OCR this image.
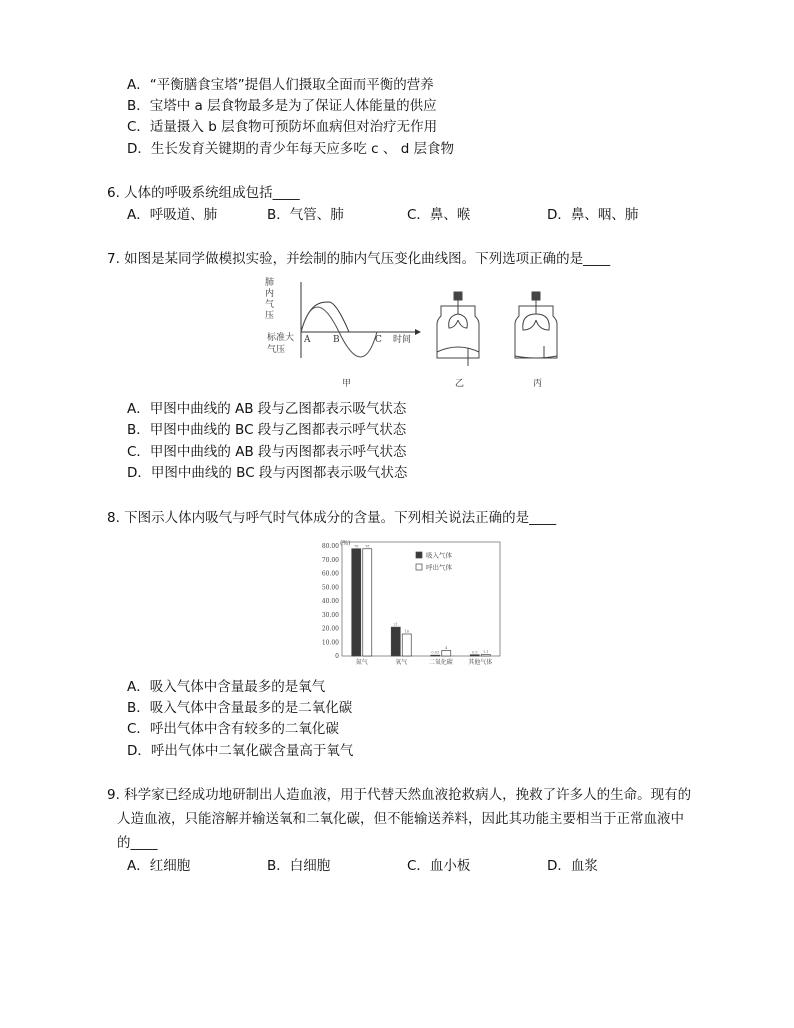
A．“平衡膳食宝塔”提倡人们摄取全面而平衡的营养
B．宝塔中 a 层食物最多是为了保证人体能量的供应
C．适量摄入 b 层食物可预防坏血病但对治疗无作用
D．生长发育关键期的青少年每天应多吃 c 、 d 层食物
6. 人体的呼吸系统组成包括____
A．呼吸道、肺	B．气管、肺	C．鼻、喉	D．鼻、咽、肺
7. 如图是某同学做模拟实验，并绘制的肺内气压变化曲线图。下列选项正确的是____
肺
内
气
压
标准大
气压
A	B	C 时间
甲	乙	丙
A．甲图中曲线的 AB 段与乙图都表示吸气状态
B．甲图中曲线的 BC 段与乙图都表示呼气状态
C．甲图中曲线的 AB 段与丙图都表示呼气状态
D．甲图中曲线的 BC 段与丙图都表示吸气状态
8. 下图示人体内吸气与呼气时气体成分的含量。下列相关说法正确的是____
(%)
80.00
70.00
60.00
50.00
40.00
30.00
20.00
10.00
0
78 78
氮气
21
16
氧气
0.03
4
二氧化碳
0.9 1.1
其他气体
吸入气体
呼出气体
A．吸入气体中含量最多的是氧气
B．吸入气体中含量最多的是二氧化碳
C．呼出气体中含有较多的二氧化碳
D．呼出气体中二氧化碳含量高于氧气
9. 科学家已经成功地研制出人造血液，用于代替天然血液抢救病人，挽救了许多人的生命。现有的
人造血液，只能溶解并输送氧和二氧化碳，但不能输送养料，因此其功能主要相当于正常血液中
的____
A．红细胞	B．白细胞	C．血小板	D．血浆
